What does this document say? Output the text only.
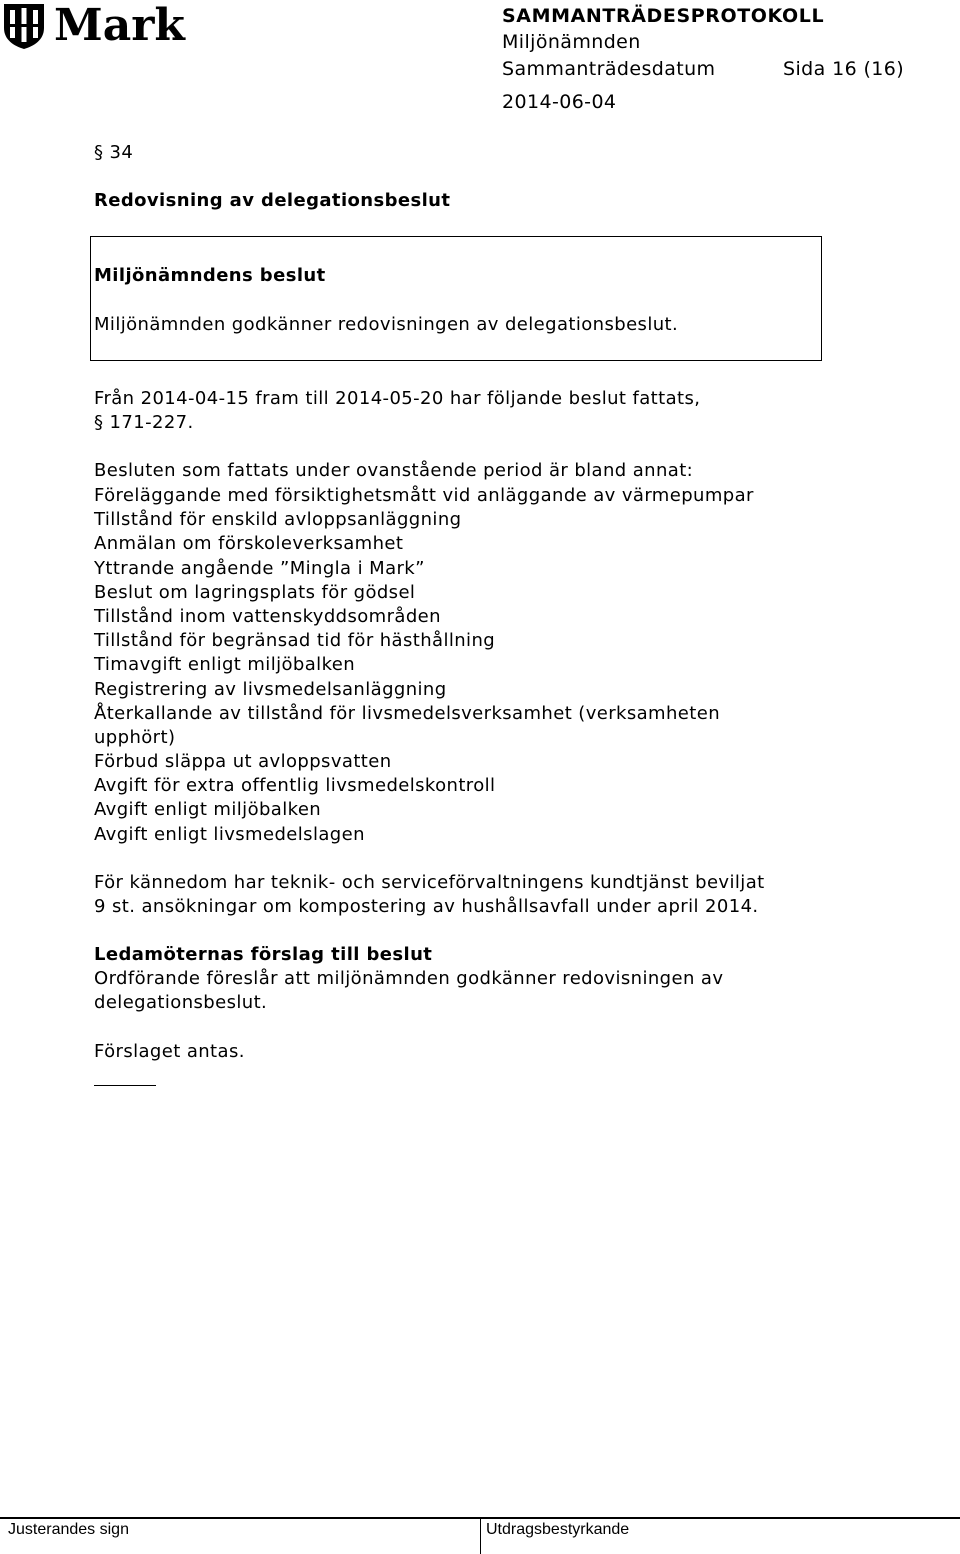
Mark	SAMMANTRÄDESPROTOKOLL
Miljönämnden
Sammanträdesdatum	Sida 16 (16)
2014-06-04
§ 34
Redovisning av delegationsbeslut
Miljönämndens beslut
Miljönämnden godkänner redovisningen av delegationsbeslut.
Från 2014-04-15 fram till 2014-05-20 har följande beslut fattats,
§ 171-227.
Besluten som fattats under ovanstående period är bland annat:
Föreläggande med försiktighetsmått vid anläggande av värmepumpar
Tillstånd för enskild avloppsanläggning
Anmälan om förskoleverksamhet
Yttrande angående ”Mingla i Mark”
Beslut om lagringsplats för gödsel
Tillstånd inom vattenskyddsområden
Tillstånd för begränsad tid för hästhållning
Timavgift enligt miljöbalken
Registrering av livsmedelsanläggning
Återkallande av tillstånd för livsmedelsverksamhet (verksamheten
upphört)
Förbud släppa ut avloppsvatten
Avgift för extra offentlig livsmedelskontroll
Avgift enligt miljöbalken
Avgift enligt livsmedelslagen
För kännedom har teknik- och serviceförvaltningens kundtjänst beviljat
9 st. ansökningar om kompostering av hushållsavfall under april 2014.
Ledamöternas förslag till beslut
Ordförande föreslår att miljönämnden godkänner redovisningen av
delegationsbeslut.
Förslaget antas.
Justerandes sign	Utdragsbestyrkande
